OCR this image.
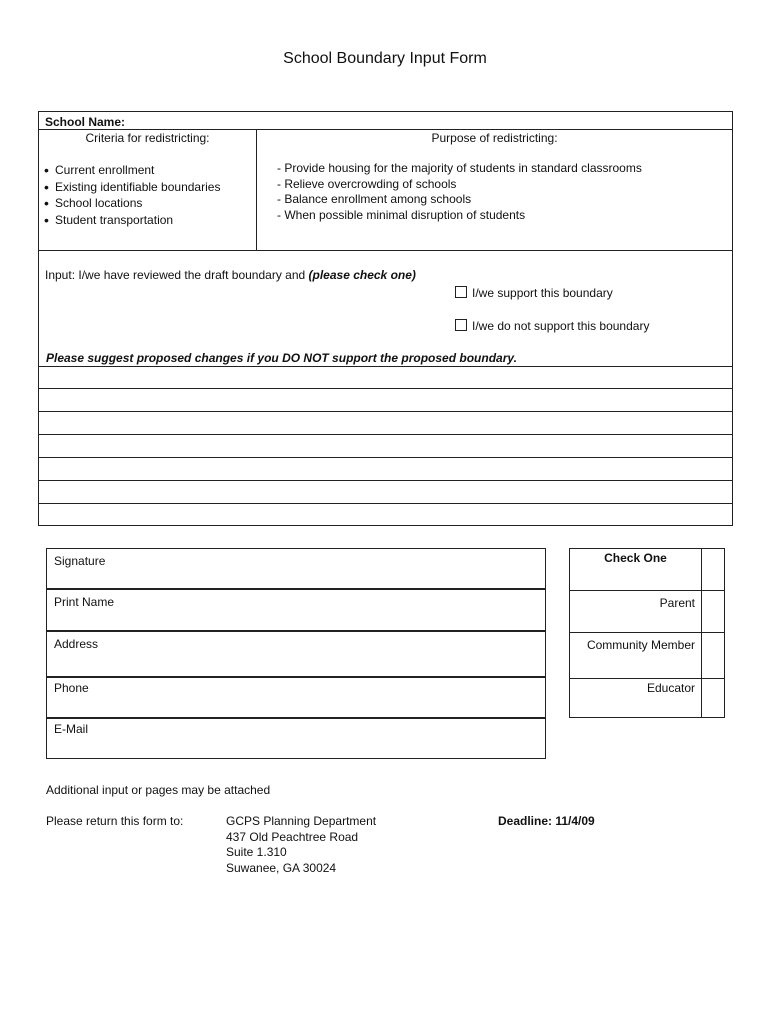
School Boundary Input Form
School Name:
Criteria for redistricting:
• Current enrollment
• Existing identifiable boundaries
• School locations
• Student transportation
Purpose of redistricting:
- Provide housing for the majority of students in standard classrooms
- Relieve overcrowding of schools
- Balance enrollment among schools
- When possible minimal disruption of students
Input: I/we have reviewed the draft boundary and (please check one)
I/we support this boundary
I/we do not support this boundary
Please suggest proposed changes if you DO NOT support the proposed boundary.
Signature
Print Name
Address
Phone
E-Mail
Check One
Parent
Community Member
Educator
Additional input or pages may be attached
Please return this form to:	GCPS Planning Department
437 Old Peachtree Road
Suite 1.310
Suwanee, GA 30024
Deadline: 11/4/09
